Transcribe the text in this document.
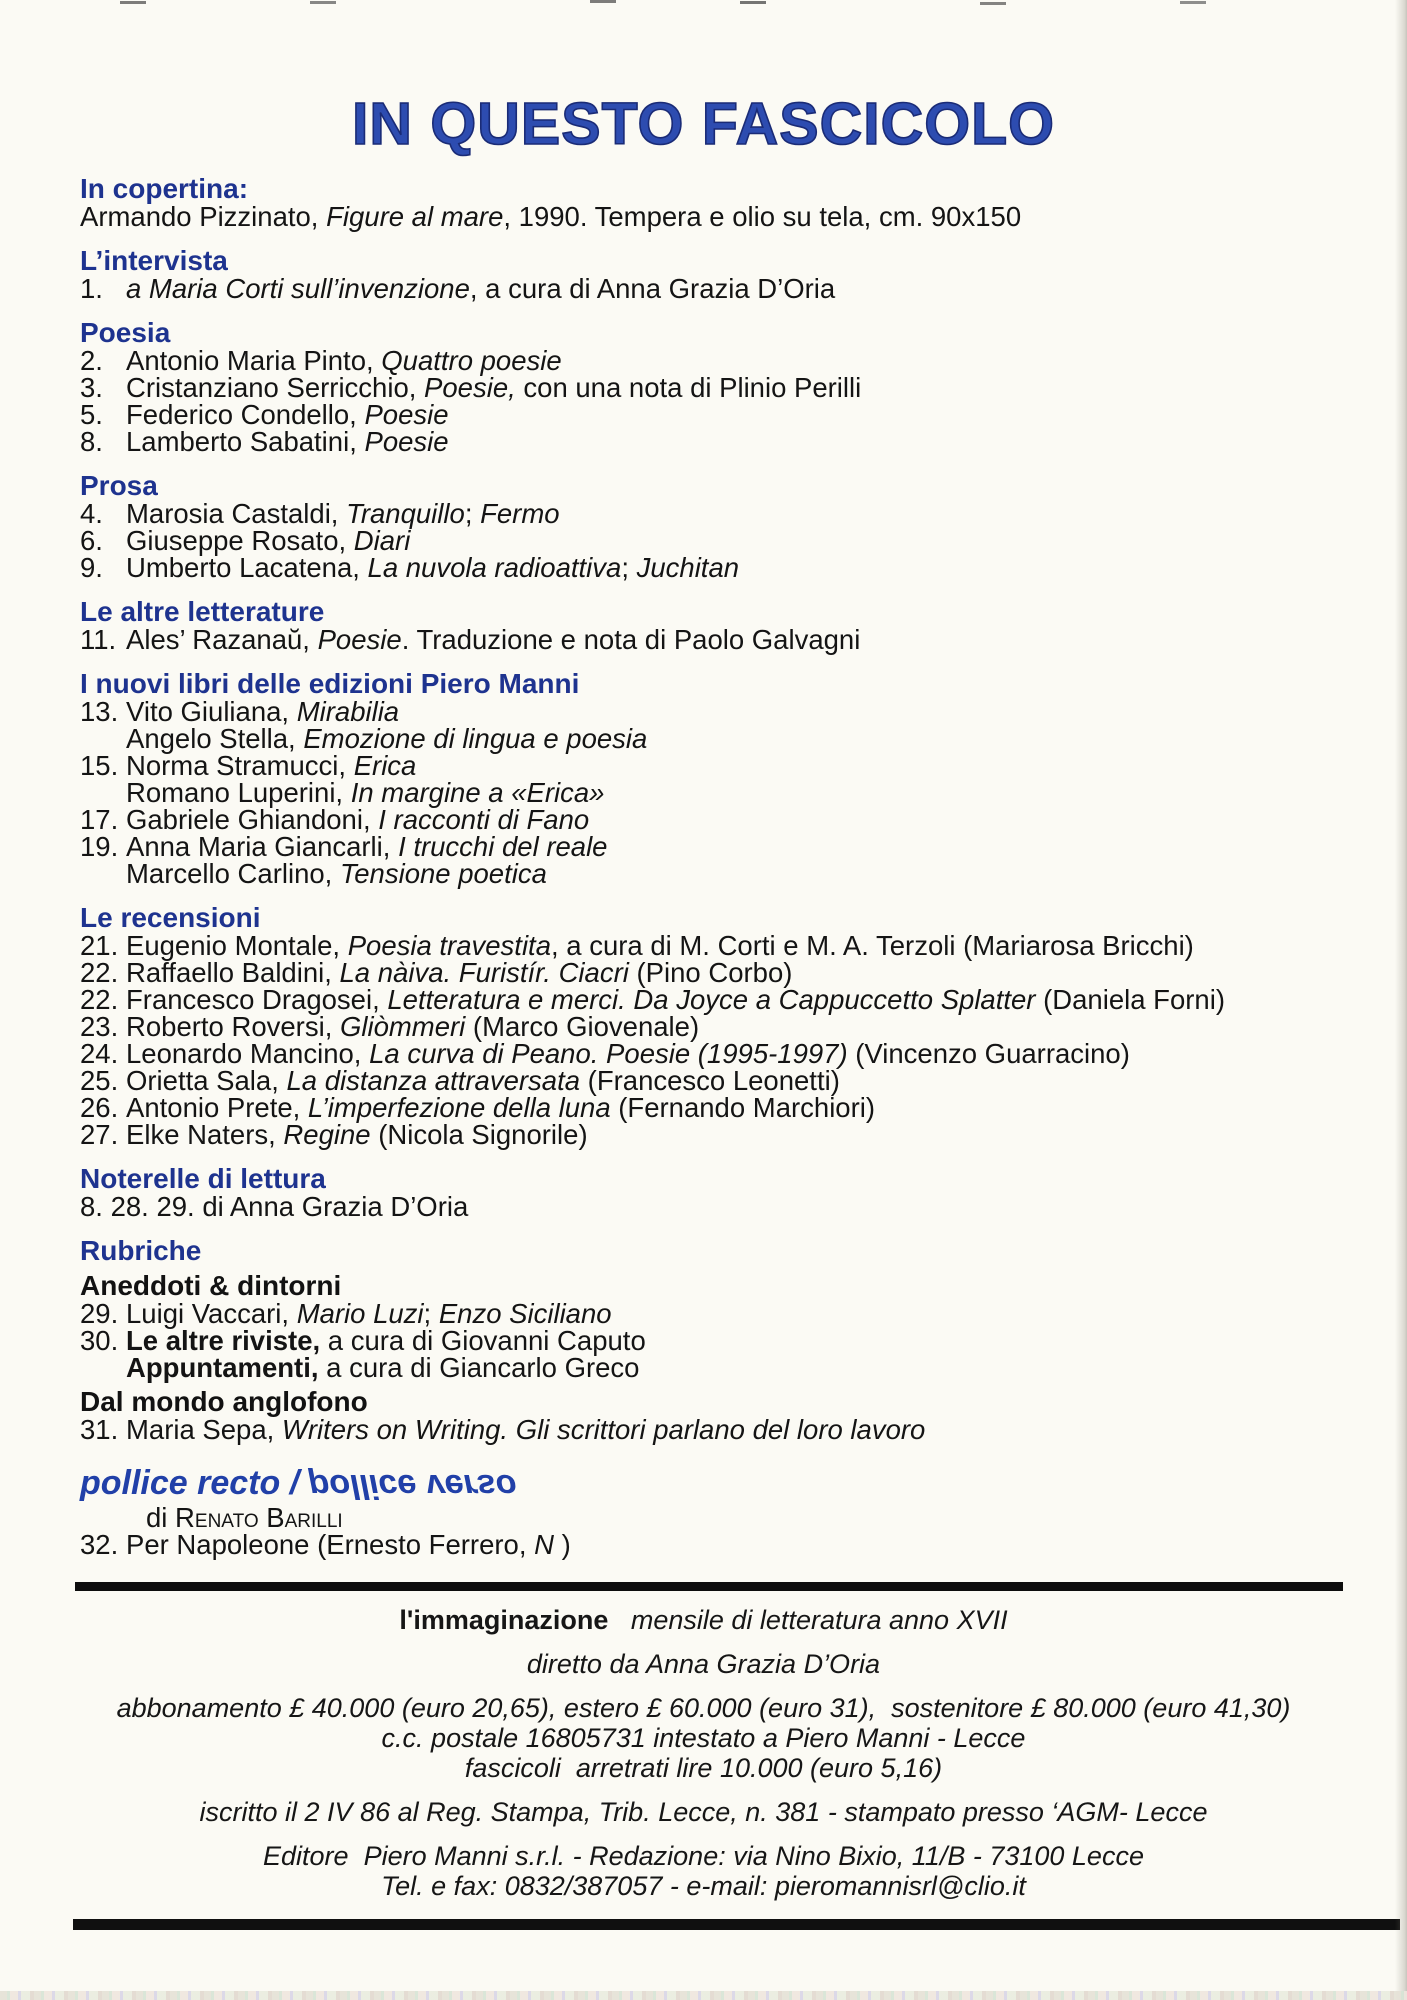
IN QUESTO FASCICOLO
In copertina:
Armando Pizzinato, Figure al mare, 1990. Tempera e olio su tela, cm. 90x150
L’intervista
1. a Maria Corti sull’invenzione, a cura di Anna Grazia D’Oria
Poesia
2. Antonio Maria Pinto, Quattro poesie
3. Cristanziano Serricchio, Poesie, con una nota di Plinio Perilli
5. Federico Condello, Poesie
8. Lamberto Sabatini, Poesie
Prosa
4. Marosia Castaldi, Tranquillo; Fermo
6. Giuseppe Rosato, Diari
9. Umberto Lacatena, La nuvola radioattiva; Juchitan
Le altre letterature
11. Ales’ Razanaŭ, Poesie. Traduzione e nota di Paolo Galvagni
I nuovi libri delle edizioni Piero Manni
13. Vito Giuliana, Mirabilia
Angelo Stella, Emozione di lingua e poesia
15. Norma Stramucci, Erica
Romano Luperini, In margine a «Erica»
17. Gabriele Ghiandoni, I racconti di Fano
19. Anna Maria Giancarli, I trucchi del reale
Marcello Carlino, Tensione poetica
Le recensioni
21. Eugenio Montale, Poesia travestita, a cura di M. Corti e M. A. Terzoli (Mariarosa Bricchi)
22. Raffaello Baldini, La nàiva. Furistír. Ciacri (Pino Corbo)
22. Francesco Dragosei, Letteratura e merci. Da Joyce a Cappuccetto Splatter (Daniela Forni)
23. Roberto Roversi, Gliòmmeri (Marco Giovenale)
24. Leonardo Mancino, La curva di Peano. Poesie (1995-1997) (Vincenzo Guarracino)
25. Orietta Sala, La distanza attraversata (Francesco Leonetti)
26. Antonio Prete, L’imperfezione della luna (Fernando Marchiori)
27. Elke Naters, Regine (Nicola Signorile)
Noterelle di lettura
8. 28. 29. di Anna Grazia D’Oria
Rubriche
Aneddoti & dintorni
29. Luigi Vaccari, Mario Luzi; Enzo Siciliano
30. Le altre riviste, a cura di Giovanni Caputo
Appuntamenti, a cura di Giancarlo Greco
Dal mondo anglofono
31. Maria Sepa, Writers on Writing. Gli scrittori parlano del loro lavoro
pollice recto / pollice verso
di Renato Barilli
32. Per Napoleone (Ernesto Ferrero, N )
l'immaginazione   mensile di letteratura anno XVII
diretto da Anna Grazia D’Oria
abbonamento £ 40.000 (euro 20,65), estero £ 60.000 (euro 31),  sostenitore £ 80.000 (euro 41,30)
c.c. postale 16805731 intestato a Piero Manni - Lecce
fascicoli  arretrati lire 10.000 (euro 5,16)
iscritto il 2 IV 86 al Reg. Stampa, Trib. Lecce, n. 381 - stampato presso ‘AGM- Lecce
Editore  Piero Manni s.r.l. - Redazione: via Nino Bixio, 11/B - 73100 Lecce
Tel. e fax: 0832/387057 - e-mail: pieromannisrl@clio.it
